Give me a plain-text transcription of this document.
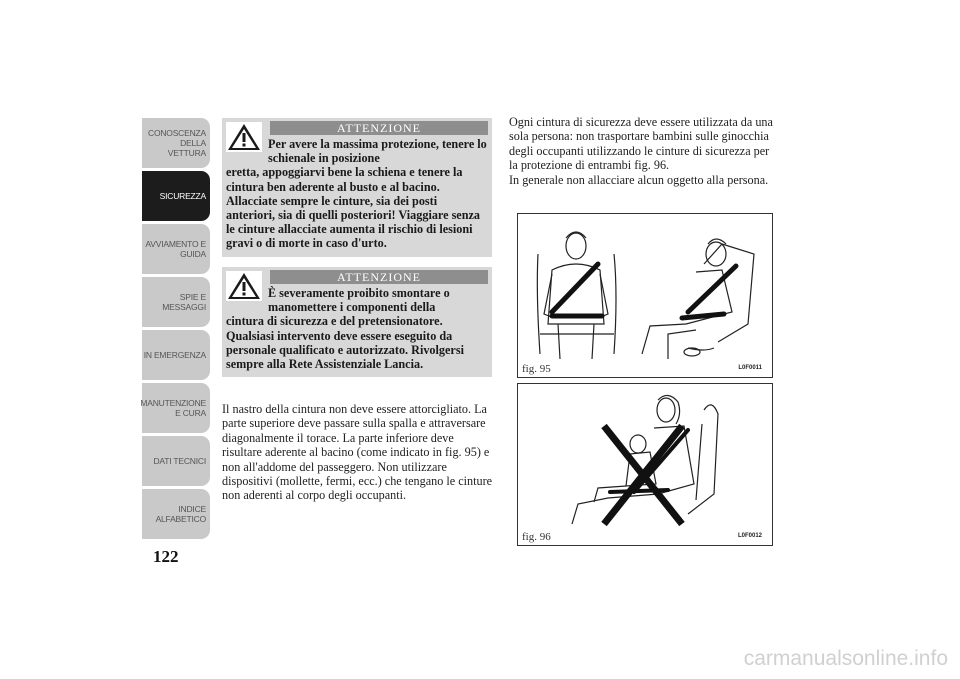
CONOSCENZA DELLA VETTURA
SICUREZZA
AVVIAMENTO E GUIDA
SPIE E MESSAGGI
IN EMERGENZA
MANUTENZIONE E CURA
DATI TECNICI
INDICE ALFABETICO
122
ATTENZIONE
Per avere la massima protezione, tenere lo schienale in posizione
eretta, appoggiarvi bene la schiena e tenere la cintura ben aderente al busto e al bacino. Allacciate sempre le cinture, sia dei posti anteriori, sia di quelli posteriori! Viaggiare senza le cinture allacciate aumenta il rischio di lesioni gravi o di morte in caso d'urto.
ATTENZIONE
È severamente proibito smontare o manomettere i componenti della
cintura di sicurezza e del pretensionatore. Qualsiasi intervento deve essere eseguito da personale qualificato e autorizzato. Rivolgersi sempre alla Rete Assistenziale Lancia.

Il nastro della cintura non deve essere attorcigliato. La parte superiore deve passare sulla spalla e attraversare diagonalmente il torace. La parte inferiore deve risultare aderente al bacino (come indicato in fig. 95) e non all'addome del passeggero. Non utilizzare dispositivi (mollette, fermi, ecc.) che tengano le cinture non aderenti al corpo degli occupanti.

Ogni cintura di sicurezza deve essere utilizzata da una sola persona: non trasportare bambini sulle ginocchia degli occupanti utilizzando le cinture di sicurezza per la protezione di entrambi fig. 96.

In generale non allacciare alcun oggetto alla persona.

fig. 95	L0F0011
fig. 96	L0F0012
carmanualsonline.info
